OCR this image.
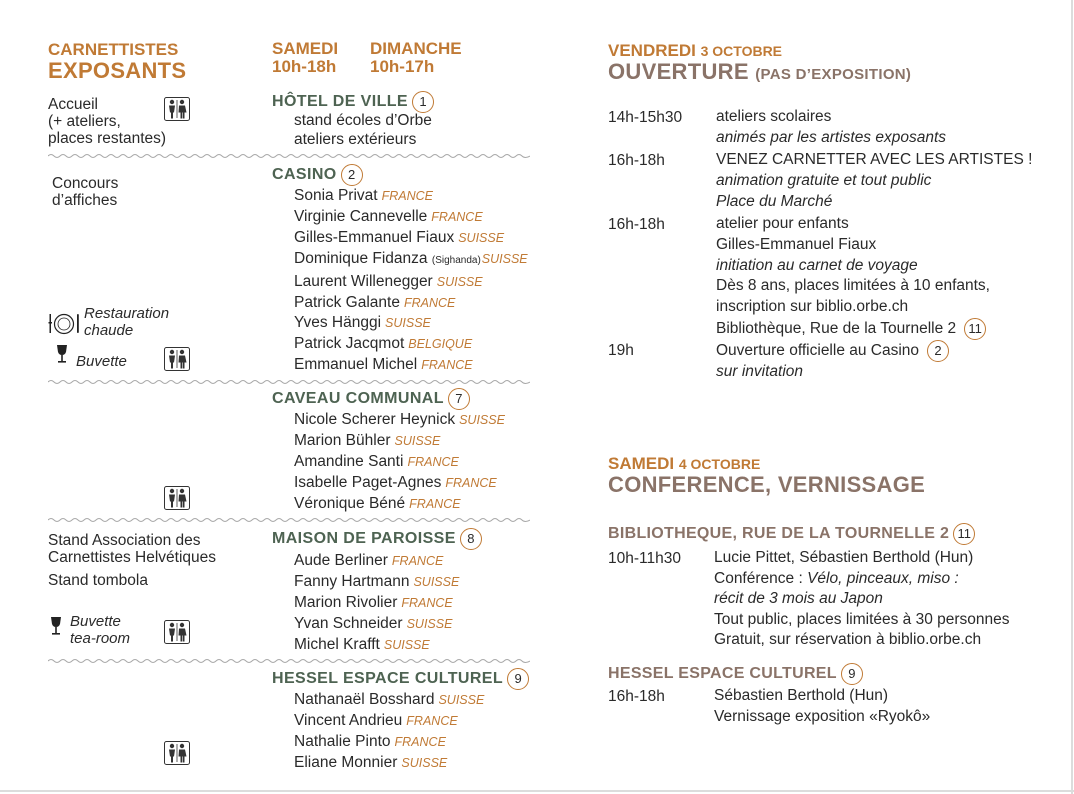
CARNETTISTES
EXPOSANTS
SAMEDI
10h-18h
DIMANCHE
10h-17h
Accueil
(+ ateliers,
places restantes)
HÔTEL DE VILLE 1
stand écoles d’Orbe
ateliers extérieurs
Concours
d’affiches
Restauration
chaude
Buvette
CASINO 2
Sonia Privat FRANCE
Virginie Cannevelle FRANCE
Gilles-Emmanuel Fiaux SUISSE
Dominique Fidanza (Sighanda)SUISSE
Laurent Willenegger SUISSE
Patrick Galante FRANCE
Yves Hänggi SUISSE
Patrick Jacqmot BELGIQUE
Emmanuel Michel FRANCE
CAVEAU COMMUNAL 7
Nicole Scherer Heynick SUISSE
Marion Bühler SUISSE
Amandine Santi FRANCE
Isabelle Paget-Agnes FRANCE
Véronique Béné FRANCE
Stand Association des
Carnettistes Helvétiques
Stand tombola
Buvette
tea-room
MAISON DE PAROISSE 8
Aude Berliner FRANCE
Fanny Hartmann SUISSE
Marion Rivolier FRANCE
Yvan Schneider SUISSE
Michel Krafft SUISSE
HESSEL ESPACE CULTUREL 9
Nathanaël Bosshard SUISSE
Vincent Andrieu FRANCE
Nathalie Pinto FRANCE
Eliane Monnier SUISSE
VENDREDI 3 OCTOBRE
OUVERTURE (PAS D’EXPOSITION)
14h-15h30 ateliers scolaires
animés par les artistes exposants
16h-18h	VENEZ CARNETTER AVEC LES ARTISTES !
animation gratuite et tout public
Place du Marché
16h-18h	atelier pour enfants
Gilles-Emmanuel Fiaux
initiation au carnet de voyage
Dès 8 ans, places limitées à 10 enfants,
inscription sur biblio.orbe.ch
Bibliothèque, Rue de la Tournelle 2 11
19h	Ouverture officielle au Casino 2
sur invitation
SAMEDI 4 OCTOBRE
CONFERENCE, VERNISSAGE
BIBLIOTHEQUE, RUE DE LA TOURNELLE 2 11
10h-11h30 Lucie Pittet, Sébastien Berthold (Hun)
Conférence : Vélo, pinceaux, miso :
récit de 3 mois au Japon
Tout public, places limitées à 30 personnes
Gratuit, sur réservation à biblio.orbe.ch
HESSEL ESPACE CULTUREL 9
16h-18h	Sébastien Berthold (Hun)
Vernissage exposition «Ryokô»
